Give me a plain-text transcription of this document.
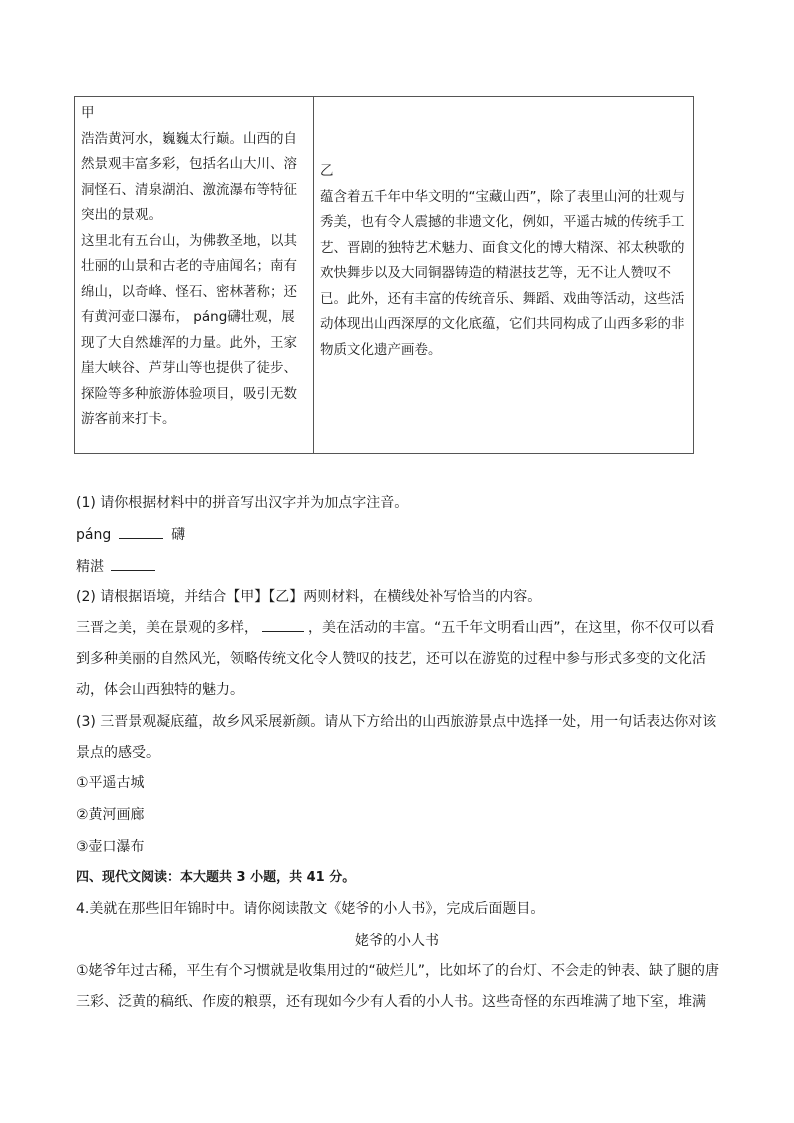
甲

浩浩黄河水，巍巍太行巅。山西的自然景观丰富多彩，包括名山大川、溶洞怪石、清泉湖泊、激流瀑布等特征突出的景观。

这里北有五台山，为佛教圣地，以其壮丽的山景和古老的寺庙闻名；南有绵山，以奇峰、怪石、密林著称；还有黄河壶口瀑布， páng礴壮观，展现了大自然雄浑的力量。此外，王家崖大峡谷、芦芽山等也提供了徒步、探险等多种旅游体验项目，吸引无数游客前来打卡。

乙

蕴含着五千年中华文明的“宝藏山西”，除了表里山河的壮观与秀美，也有令人震撼的非遗文化，例如，平遥古城的传统手工艺、晋剧的独特艺术魅力、面食文化的博大精深、祁太秧歌的欢快舞步以及大同铜器铸造的精湛技艺等，无不让人赞叹不已。此外，还有丰富的传统音乐、舞蹈、戏曲等活动，这些活动体现出山西深厚的文化底蕴，它们共同构成了山西多彩的非物质文化遗产画卷。

(1) 请你根据材料中的拼音写出汉字并为加点字注音。
páng	礴
精湛
(2) 请根据语境，并结合【甲】【乙】两则材料，在横线处补写恰当的内容。

三晋之美，美在景观的多样，	，美在活动的丰富。“五千年文明看山西”，在这里，你不仅可以看到多种美丽的自然风光，领略传统文化令人赞叹的技艺，还可以在游览的过程中参与形式多变的文化活动，体会山西独特的魅力。

(3) 三晋景观凝底蕴，故乡风采展新颜。请从下方给出的山西旅游景点中选择一处，用一句话表达你对该景点的感受。

①平遥古城
②黄河画廊
③壶口瀑布
四、现代文阅读：本大题共 3 小题，共 41 分。
4.美就在那些旧年锦时中。请你阅读散文《姥爷的小人书》，完成后面题目。
姥爷的小人书

①姥爷年过古稀，平生有个习惯就是收集用过的“破烂儿”，比如坏了的台灯、不会走的钟表、缺了腿的唐三彩、泛黄的稿纸、作废的粮票，还有现如今少有人看的小人书。这些奇怪的东西堆满了地下室，堆满
